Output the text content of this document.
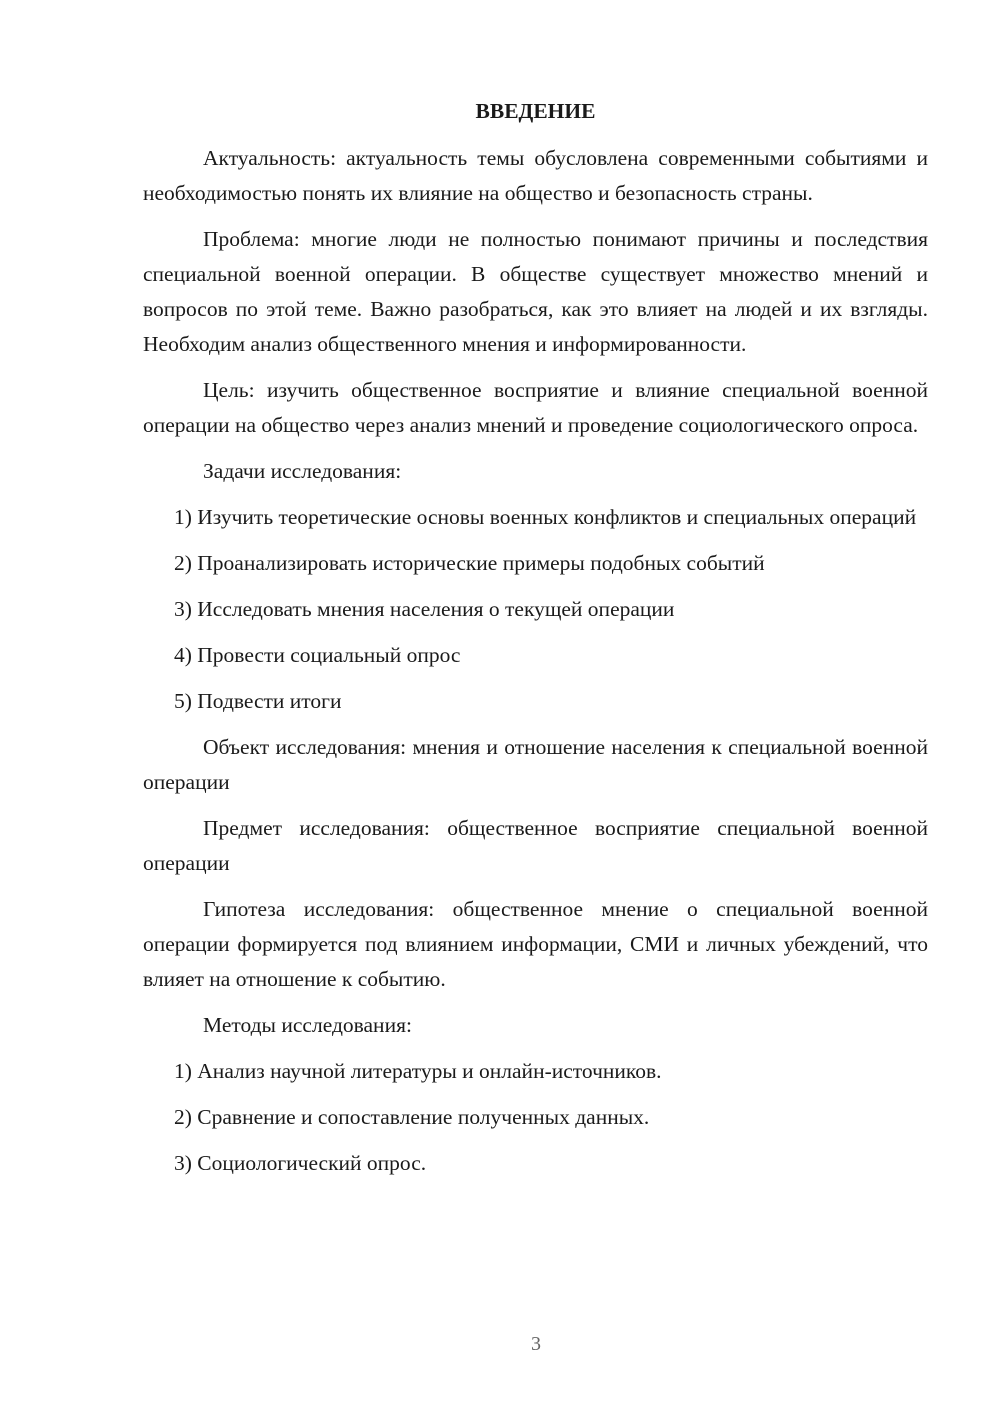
ВВЕДЕНИЕ

Актуальность: актуальность темы обусловлена современными событиями и необходимостью понять их влияние на общество и безопасность страны.

Проблема: многие люди не полностью понимают причины и последствия специальной военной операции. В обществе существует множество мнений и вопросов по этой теме. Важно разобраться, как это влияет на людей и их взгляды. Необходим анализ общественного мнения и информированности.

Цель: изучить общественное восприятие и влияние специальной военной операции на общество через анализ мнений и проведение социологического опроса.

Задачи исследования:

1) Изучить теоретические основы военных конфликтов и специальных операций

2) Проанализировать исторические примеры подобных событий

3) Исследовать мнения населения о текущей операции

4) Провести социальный опрос

5) Подвести итоги

Объект исследования: мнения и отношение населения к специальной военной операции

Предмет исследования: общественное восприятие специальной военной операции

Гипотеза исследования: общественное мнение о специальной военной операции формируется под влиянием информации, СМИ и личных убеждений, что влияет на отношение к событию.

Методы исследования:

1) Анализ научной литературы и онлайн-источников.

2) Сравнение и сопоставление полученных данных.

3) Социологический опрос.

3
